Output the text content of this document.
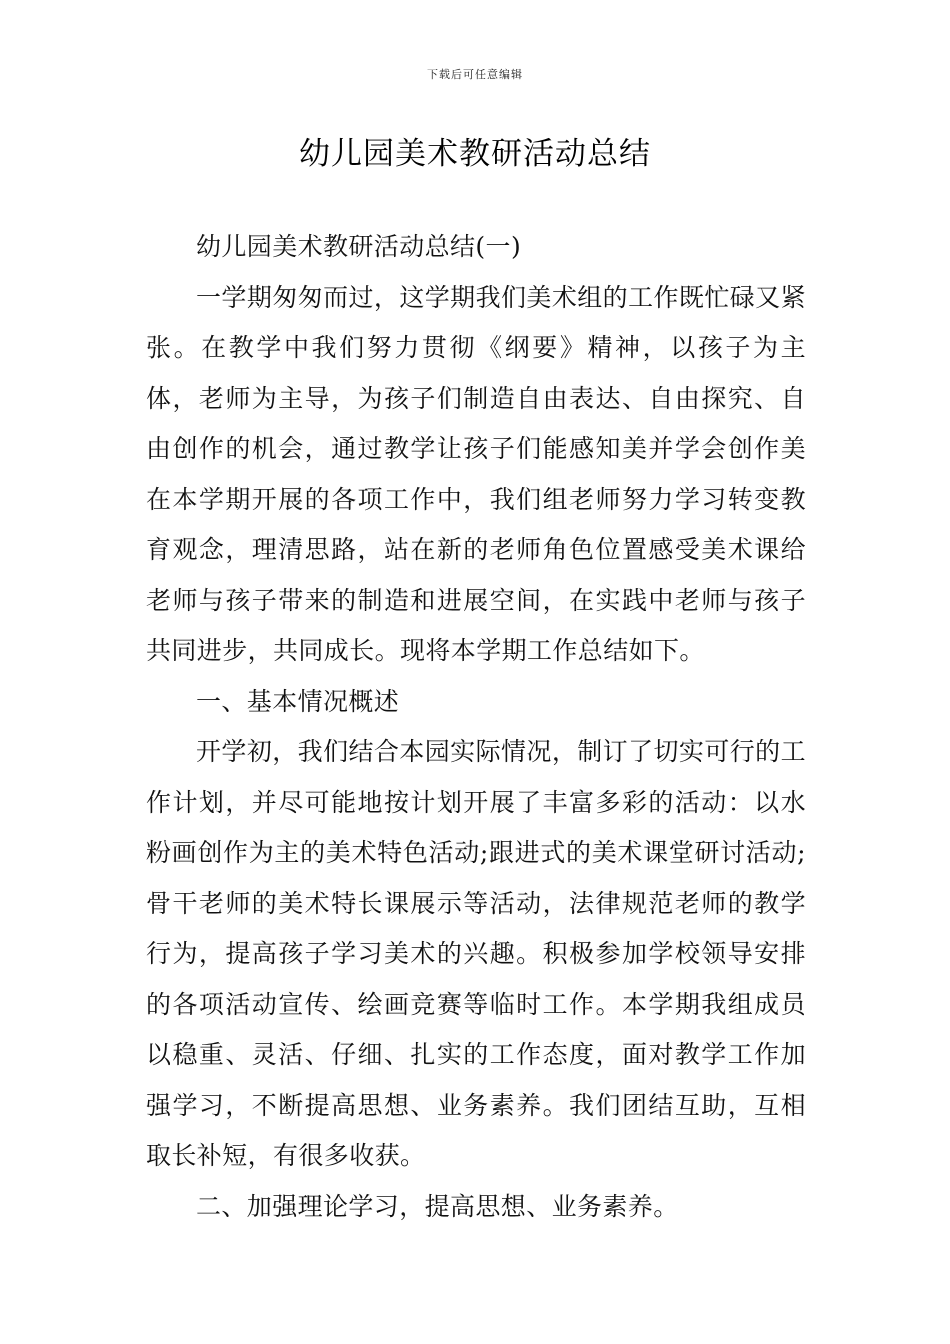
下载后可任意编辑
幼儿园美术教研活动总结

幼儿园美术教研活动总结(一)

一学期匆匆而过，这学期我们美术组的工作既忙碌又紧张。在教学中我们努力贯彻《纲要》精神，以孩子为主体，老师为主导，为孩子们制造自由表达、自由探究、自由创作的机会，通过教学让孩子们能感知美并学会创作美在本学期开展的各项工作中，我们组老师努力学习转变教育观念，理清思路，站在新的老师角色位置感受美术课给老师与孩子带来的制造和进展空间，在实践中老师与孩子共同进步，共同成长。现将本学期工作总结如下。

一、基本情况概述

开学初，我们结合本园实际情况，制订了切实可行的工作计划，并尽可能地按计划开展了丰富多彩的活动：以水粉画创作为主的美术特色活动;跟进式的美术课堂研讨活动;骨干老师的美术特长课展示等活动，法律规范老师的教学行为，提高孩子学习美术的兴趣。积极参加学校领导安排的各项活动宣传、绘画竞赛等临时工作。本学期我组成员以稳重、灵活、仔细、扎实的工作态度，面对教学工作加强学习，不断提高思想、业务素养。我们团结互助，互相取长补短，有很多收获。

二、加强理论学习，提高思想、业务素养。
